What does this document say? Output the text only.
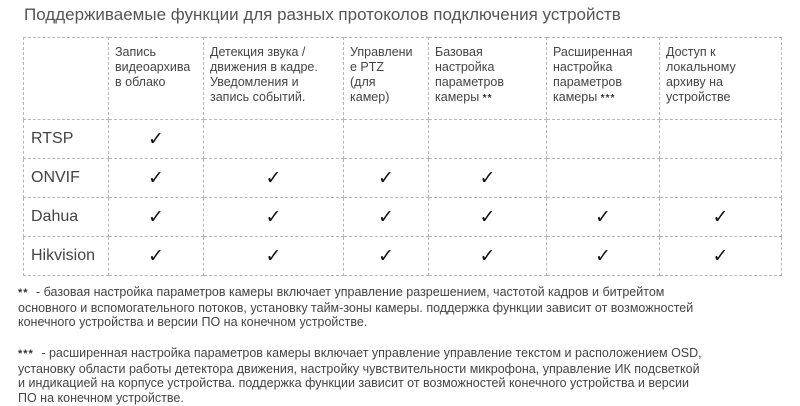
Поддерживаемые функции для разных протоколов подключения устройств
	Запись
видеоархива
в облако	Детекция звука /
движения в кадре.
Уведомления и
запись событий.	Управлени
е PTZ
(для
камер)	Базовая
настройка
параметров
камеры **	Расширенная
настройка
параметров
камеры ***	Доступ к
локальному
архиву на
устройстве
RTSP	✓					
ONVIF	✓	✓	✓	✓		
Dahua	✓	✓	✓	✓	✓	✓
Hikvision	✓	✓	✓	✓	✓	✓
** - базовая настройка параметров камеры включает управление разрешением, частотой кадров и битрейтом
основного и вспомогательного потоков, установку тайм-зоны камеры. поддержка функции зависит от возможностей
конечного устройства и версии ПО на конечном устройстве.
*** - расширенная настройка параметров камеры включает управление управление текстом и расположением OSD,
установку области работы детектора движения, настройку чувствительности микрофона, управление ИК подсветкой
и индикацией на корпусе устройства. поддержка функции зависит от возможностей конечного устройства и версии
ПО на конечном устройстве.
